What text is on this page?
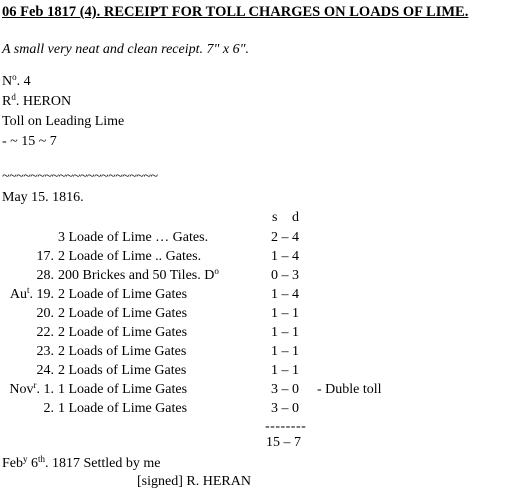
06 Feb 1817 (4). RECEIPT FOR TOLL CHARGES ON LOADS OF LIME.
A small very neat and clean receipt. 7" x 6".
$N^o$. 4
$R^d$. HERON
Toll on Leading Lime
- ~ 15 ~ 7
~~~~~~~~~~~~~~~~~~~~~~
May 15. 1816.
s d
3 Loade of Lime … Gates.	2 – 4
17. 2 Loade of Lime .. Gates.	1 – 4
28. 200 Brickes and 50 Tiles. $D^o$	0 – 3
Au$^t$. 19. 2 Loade of Lime Gates	1 – 4
20. 2 Loade of Lime Gates	1 – 1
22. 2 Loade of Lime Gates	1 – 1
23. 2 Loads of Lime Gates	1 – 1
24. 2 Loads of Lime Gates	1 – 1
Nov$^r$. 1. 1 Loade of Lime Gates	3 – 0	- Duble toll
2. 1 Loade of Lime Gates	3 – 0
--------
15 – 7
Feb$^y$ 6th. 1817 Settled by me
[signed] R. HERAN
